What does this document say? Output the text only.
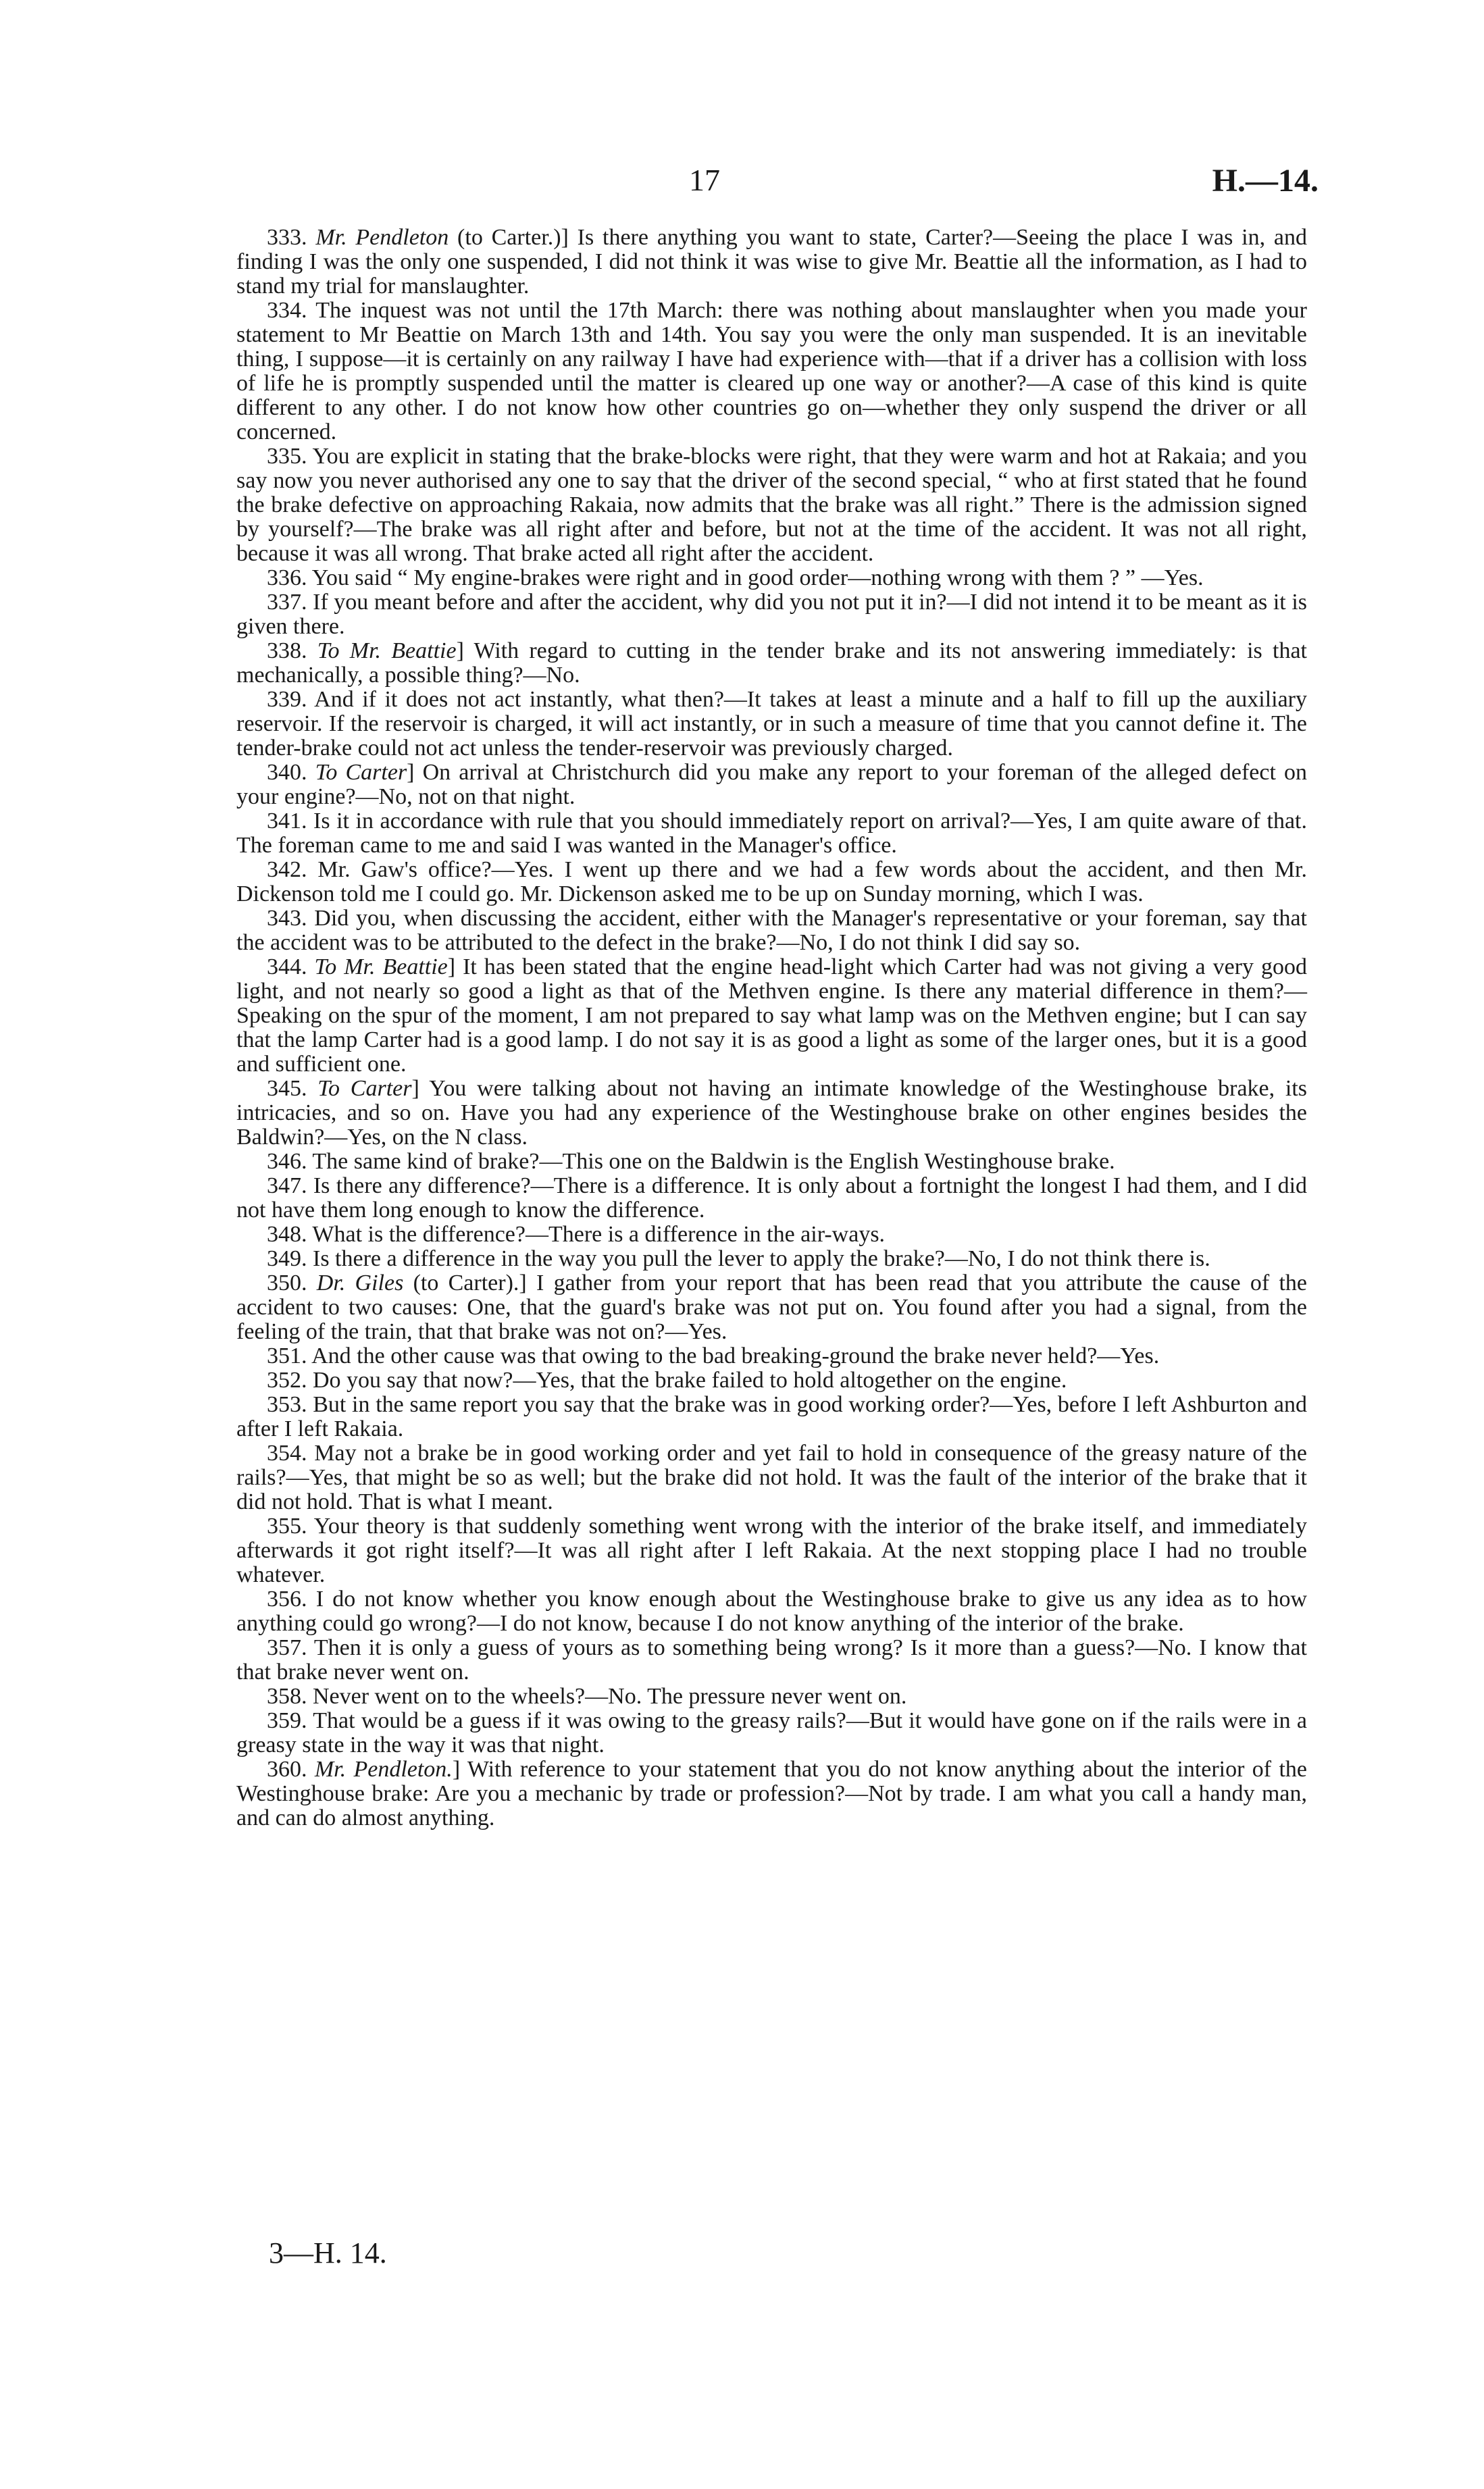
17	H.—14.

333. Mr. Pendleton (to Carter.)] Is there anything you want to state, Carter?—Seeing the place I was in, and finding I was the only one suspended, I did not think it was wise to give Mr. Beattie all the information, as I had to stand my trial for manslaughter.

334. The inquest was not until the 17th March: there was nothing about manslaughter when you made your statement to Mr Beattie on March 13th and 14th. You say you were the only man suspended. It is an inevitable thing, I suppose—it is certainly on any railway I have had experience with—that if a driver has a collision with loss of life he is promptly suspended until the matter is cleared up one way or another?—A case of this kind is quite different to any other. I do not know how other countries go on—whether they only suspend the driver or all concerned.

335. You are explicit in stating that the brake-blocks were right, that they were warm and hot at Rakaia; and you say now you never authorised any one to say that the driver of the second special, “ who at first stated that he found the brake defective on approaching Rakaia, now admits that the brake was all right.” There is the admission signed by yourself?—The brake was all right after and before, but not at the time of the accident. It was not all right, because it was all wrong. That brake acted all right after the accident.

336. You said “ My engine-brakes were right and in good order—nothing wrong with them ? ” —Yes.

337. If you meant before and after the accident, why did you not put it in?—I did not intend it to be meant as it is given there.

338. To Mr. Beattie] With regard to cutting in the tender brake and its not answering immediately: is that mechanically, a possible thing?—No.

339. And if it does not act instantly, what then?—It takes at least a minute and a half to fill up the auxiliary reservoir. If the reservoir is charged, it will act instantly, or in such a measure of time that you cannot define it. The tender-brake could not act unless the tender-reservoir was previously charged.

340. To Carter] On arrival at Christchurch did you make any report to your foreman of the alleged defect on your engine?—No, not on that night.

341. Is it in accordance with rule that you should immediately report on arrival?—Yes, I am quite aware of that. The foreman came to me and said I was wanted in the Manager's office.

342. Mr. Gaw's office?—Yes. I went up there and we had a few words about the accident, and then Mr. Dickenson told me I could go. Mr. Dickenson asked me to be up on Sunday morning, which I was.

343. Did you, when discussing the accident, either with the Manager's representative or your foreman, say that the accident was to be attributed to the defect in the brake?—No, I do not think I did say so.

344. To Mr. Beattie] It has been stated that the engine head-light which Carter had was not giving a very good light, and not nearly so good a light as that of the Methven engine. Is there any material difference in them?—Speaking on the spur of the moment, I am not prepared to say what lamp was on the Methven engine; but I can say that the lamp Carter had is a good lamp. I do not say it is as good a light as some of the larger ones, but it is a good and sufficient one.

345. To Carter] You were talking about not having an intimate knowledge of the Westinghouse brake, its intricacies, and so on. Have you had any experience of the Westinghouse brake on other engines besides the Baldwin?—Yes, on the N class.

346. The same kind of brake?—This one on the Baldwin is the English Westinghouse brake.

347. Is there any difference?—There is a difference. It is only about a fortnight the longest I had them, and I did not have them long enough to know the difference.

348. What is the difference?—There is a difference in the air-ways.

349. Is there a difference in the way you pull the lever to apply the brake?—No, I do not think there is.

350. Dr. Giles (to Carter).] I gather from your report that has been read that you attribute the cause of the accident to two causes: One, that the guard's brake was not put on. You found after you had a signal, from the feeling of the train, that that brake was not on?—Yes.

351. And the other cause was that owing to the bad breaking-ground the brake never held?—Yes.

352. Do you say that now?—Yes, that the brake failed to hold altogether on the engine.

353. But in the same report you say that the brake was in good working order?—Yes, before I left Ashburton and after I left Rakaia.

354. May not a brake be in good working order and yet fail to hold in consequence of the greasy nature of the rails?—Yes, that might be so as well; but the brake did not hold. It was the fault of the interior of the brake that it did not hold. That is what I meant.

355. Your theory is that suddenly something went wrong with the interior of the brake itself, and immediately afterwards it got right itself?—It was all right after I left Rakaia. At the next stopping place I had no trouble whatever.

356. I do not know whether you know enough about the Westinghouse brake to give us any idea as to how anything could go wrong?—I do not know, because I do not know anything of the interior of the brake.

357. Then it is only a guess of yours as to something being wrong? Is it more than a guess?—No. I know that that brake never went on.

358. Never went on to the wheels?—No. The pressure never went on.

359. That would be a guess if it was owing to the greasy rails?—But it would have gone on if the rails were in a greasy state in the way it was that night.

360. Mr. Pendleton.] With reference to your statement that you do not know anything about the interior of the Westinghouse brake: Are you a mechanic by trade or profession?—Not by trade. I am what you call a handy man, and can do almost anything.

3—H. 14.
